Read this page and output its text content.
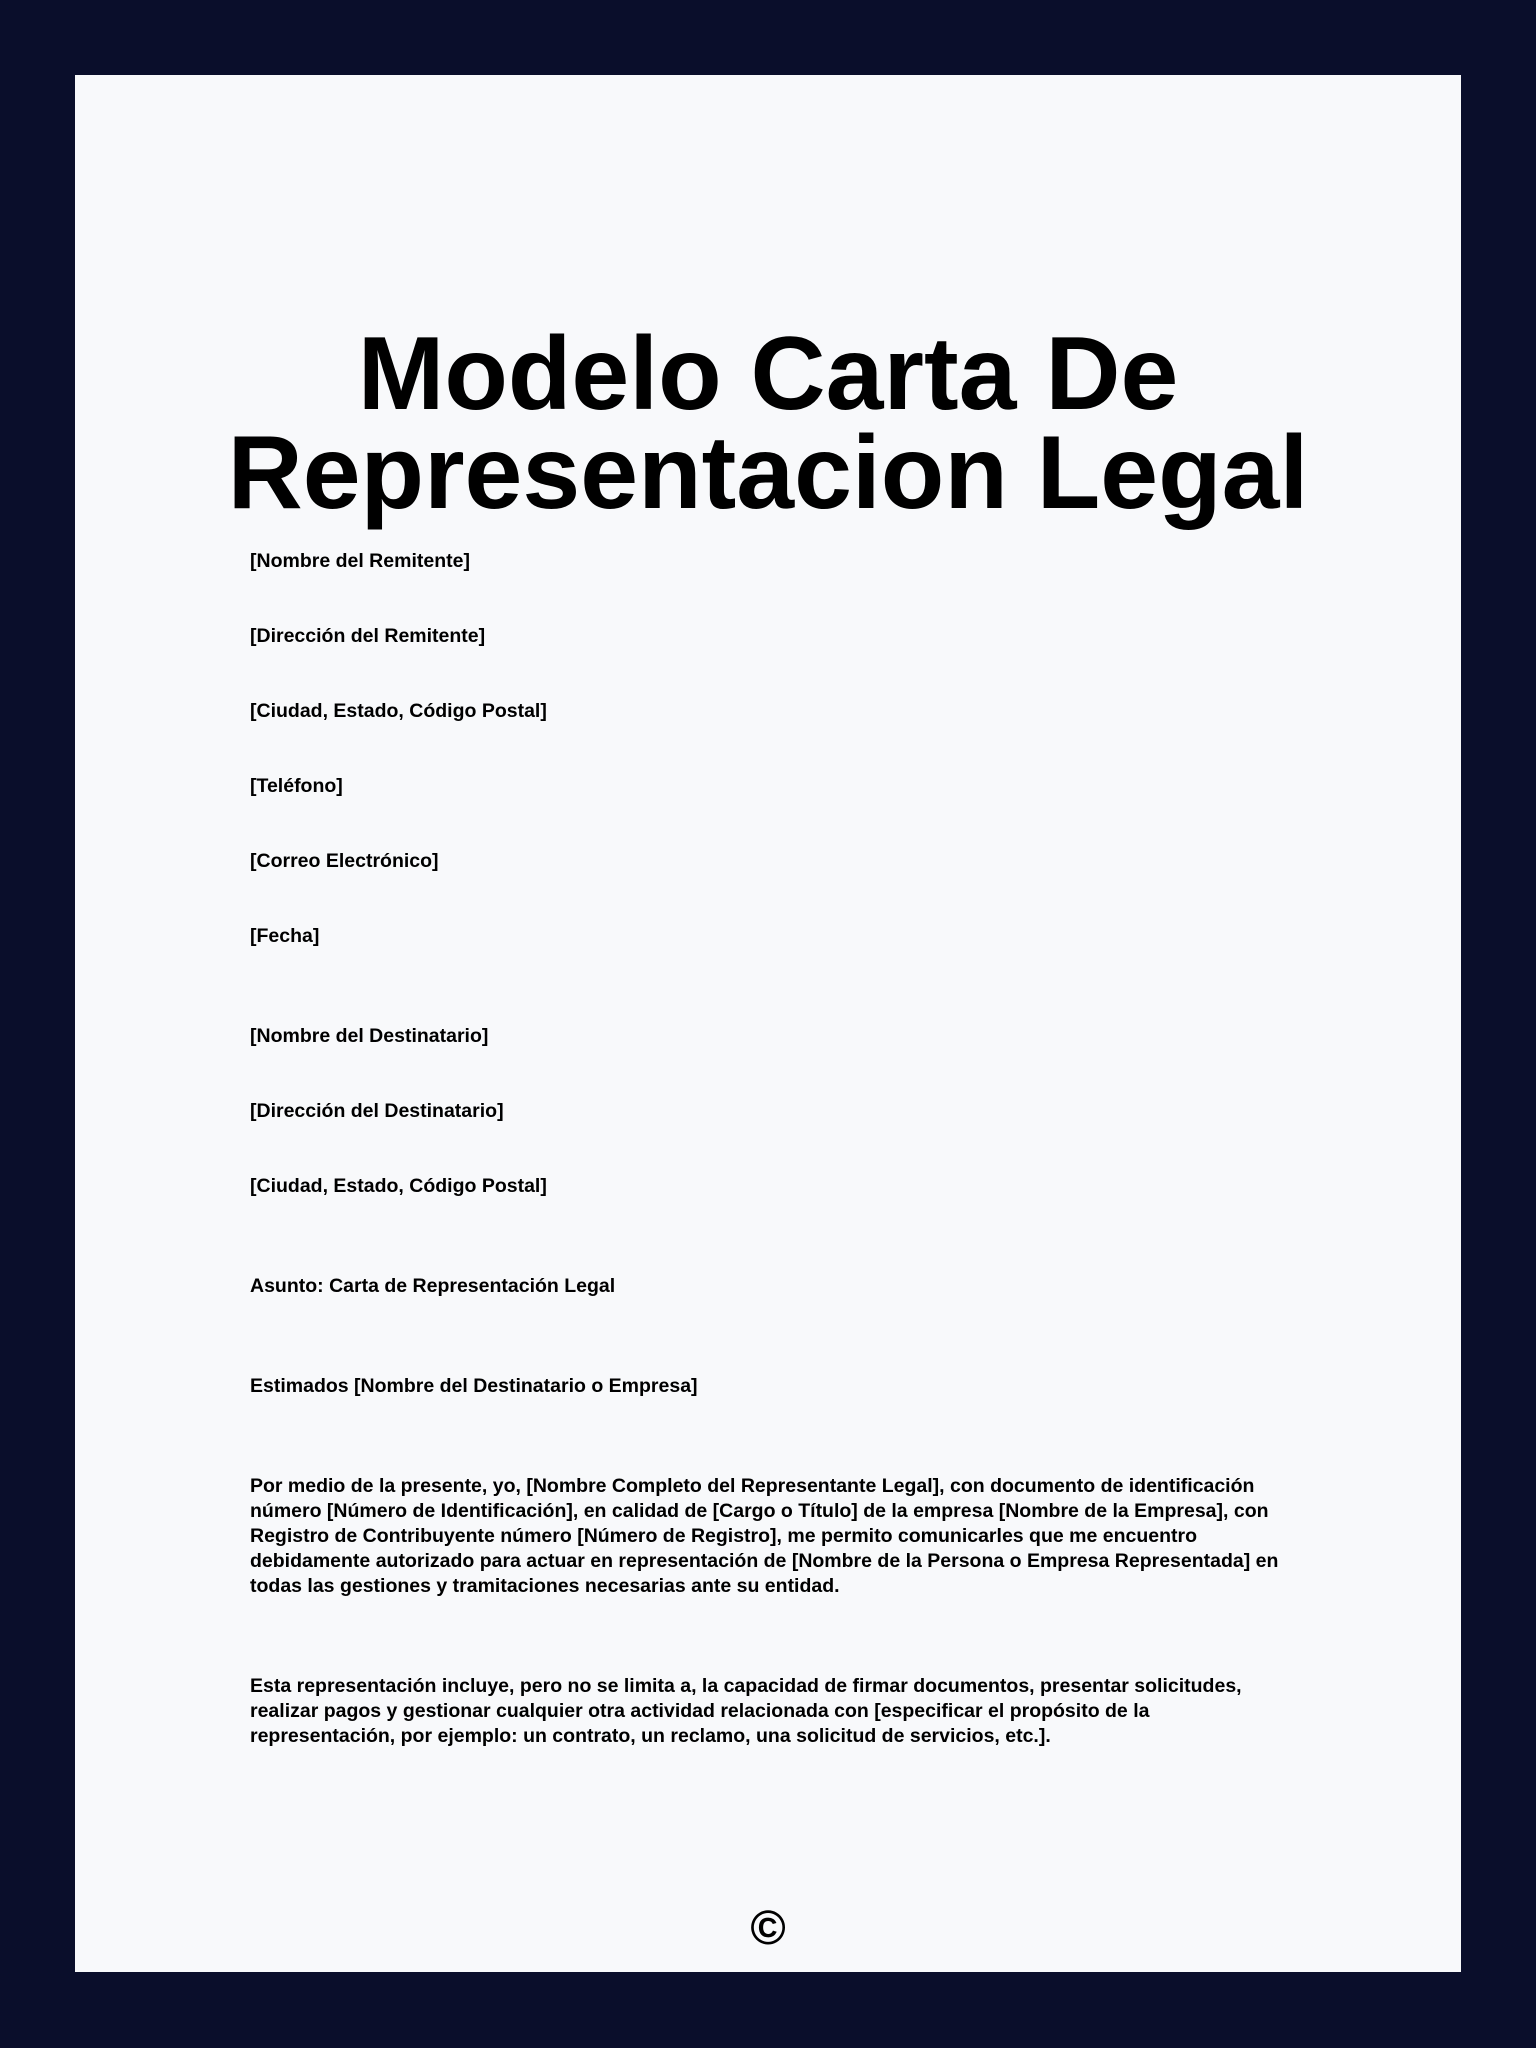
Modelo Carta De Representacion Legal
[Nombre del Remitente]
[Dirección del Remitente]
[Ciudad, Estado, Código Postal]
[Teléfono]
[Correo Electrónico]
[Fecha]
[Nombre del Destinatario]
[Dirección del Destinatario]
[Ciudad, Estado, Código Postal]
Asunto: Carta de Representación Legal
Estimados [Nombre del Destinatario o Empresa]
Por medio de la presente, yo, [Nombre Completo del Representante Legal], con documento de identificación número [Número de Identificación], en calidad de [Cargo o Título] de la empresa [Nombre de la Empresa], con Registro de Contribuyente número [Número de Registro], me permito comunicarles que me encuentro debidamente autorizado para actuar en representación de [Nombre de la Persona o Empresa Representada] en todas las gestiones y tramitaciones necesarias ante su entidad.
Esta representación incluye, pero no se limita a, la capacidad de firmar documentos, presentar solicitudes, realizar pagos y gestionar cualquier otra actividad relacionada con [especificar el propósito de la representación, por ejemplo: un contrato, un reclamo, una solicitud de servicios, etc.].
©
